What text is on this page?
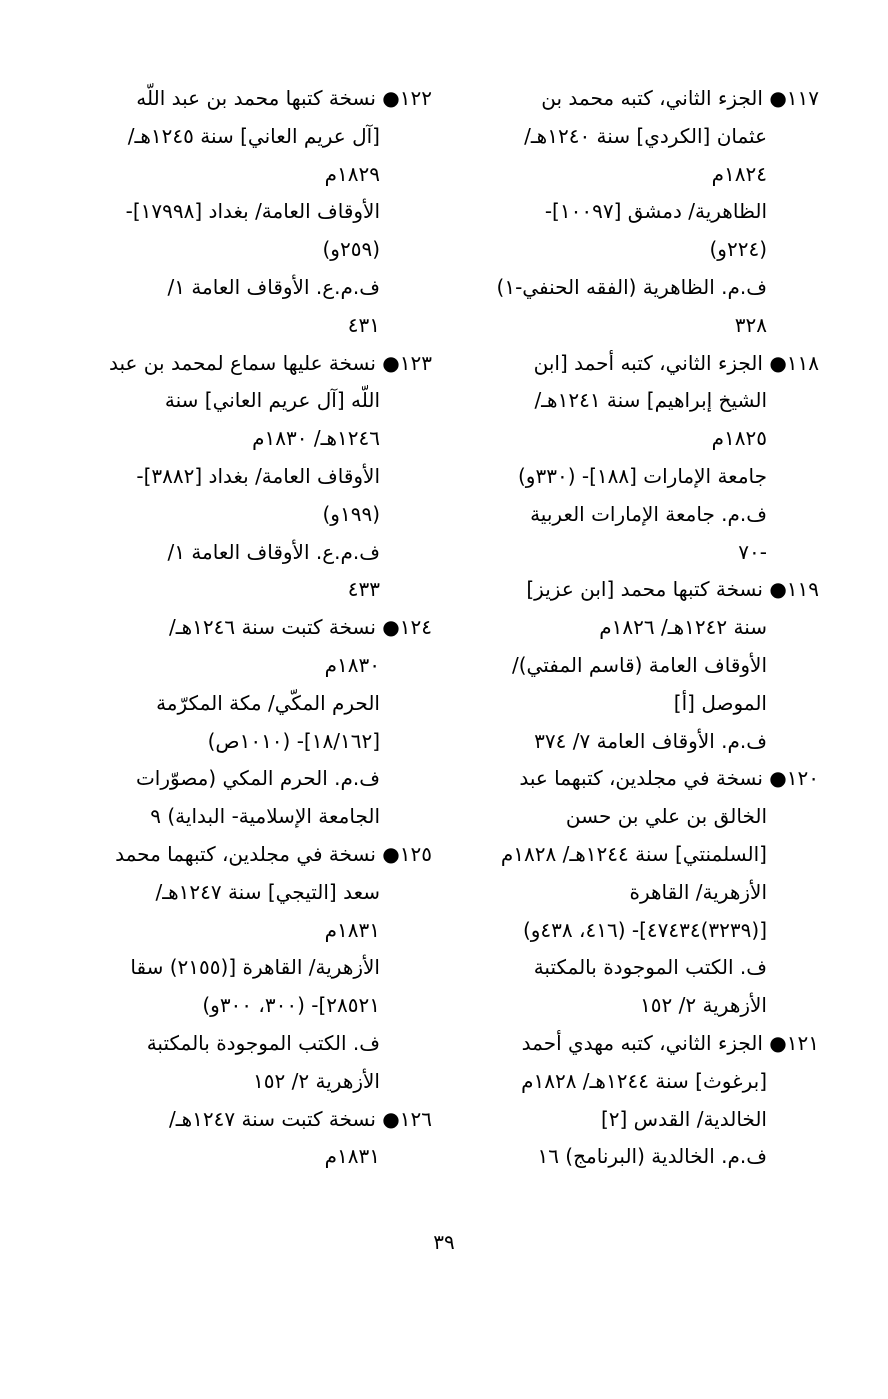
١١٧● الجزء الثاني، كتبه محمد بن
عثمان [الكردي] سنة ١٢٤٠هـ/
١٨٢٤م
الظاهرية/ دمشق [١٠٠٩٧]-
(٢٢٤و)
ف.م. الظاهرية (الفقه الحنفي-١)
٣٢٨
١١٨● الجزء الثاني، كتبه أحمد [ابن
الشيخ إبراهيم] سنة ١٢٤١هـ/
١٨٢٥م
جامعة الإمارات [١٨٨]- (٣٣٠و)
ف.م. جامعة الإمارات العربية
-٧٠
١١٩● نسخة كتبها محمد [ابن عزيز]
سنة ١٢٤٢هـ/ ١٨٢٦م
الأوقاف العامة (قاسم المفتي)/
الموصل [أ]
ف.م. الأوقاف العامة ٧/ ٣٧٤
١٢٠● نسخة في مجلدين، كتبهما عبد
الخالق بن علي بن حسن
[السلمنتي] سنة ١٢٤٤هـ/ ١٨٢٨م
الأزهرية/ القاهرة
[(٣٢٣٩)٤٧٤٣٤]- (٤١٦، ٤٣٨و)
ف. الكتب الموجودة بالمكتبة
الأزهرية ٢/ ١٥٢
١٢١● الجزء الثاني، كتبه مهدي أحمد
[برغوث] سنة ١٢٤٤هـ/ ١٨٢٨م
الخالدية/ القدس [٢]
ف.م. الخالدية (البرنامج) ١٦
١٢٢● نسخة كتبها محمد بن عبد اللّه
[آل عريم العاني] سنة ١٢٤٥هـ/
١٨٢٩م
الأوقاف العامة/ بغداد [١٧٩٩٨]-
(٢٥٩و)
ف.م.ع. الأوقاف العامة ١/
٤٣١
١٢٣● نسخة عليها سماع لمحمد بن عبد
اللّه [آل عريم العاني] سنة
١٢٤٦هـ/ ١٨٣٠م
الأوقاف العامة/ بغداد [٣٨٨٢]-
(١٩٩و)
ف.م.ع. الأوقاف العامة ١/
٤٣٣
١٢٤● نسخة كتبت سنة ١٢٤٦هـ/
١٨٣٠م
الحرم المكّي/ مكة المكرّمة
[١٨/١٦٢]- (١٠١٠ص)
ف.م. الحرم المكي (مصوّرات
الجامعة الإسلامية- البداية) ٩
١٢٥● نسخة في مجلدين، كتبهما محمد
سعد [التيجي] سنة ١٢٤٧هـ/
١٨٣١م
الأزهرية/ القاهرة [(٢١٥٥) سقا
٢٨٥٢١]- (٣٠٠، ٣٠٠و)
ف. الكتب الموجودة بالمكتبة
الأزهرية ٢/ ١٥٢
١٢٦● نسخة كتبت سنة ١٢٤٧هـ/
١٨٣١م
٣٩
